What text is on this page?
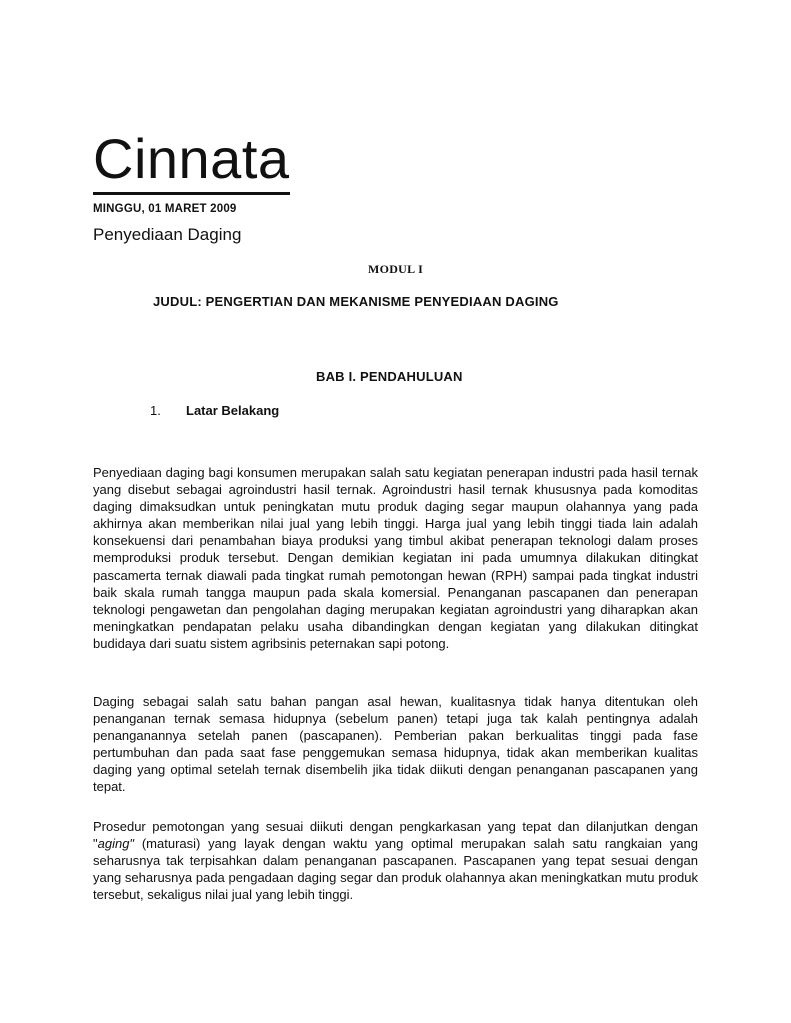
Cinnata
MINGGU, 01 MARET 2009
Penyediaan Daging
MODUL I
JUDUL: PENGERTIAN DAN MEKANISME PENYEDIAAN DAGING
BAB I. PENDAHULUAN
1. Latar Belakang

Penyediaan daging bagi konsumen merupakan salah satu kegiatan penerapan industri pada hasil ternak yang disebut sebagai agroindustri hasil ternak. Agroindustri hasil ternak khususnya pada komoditas daging dimaksudkan untuk peningkatan mutu produk daging segar maupun olahannya yang pada akhirnya akan memberikan nilai jual yang lebih tinggi. Harga jual yang lebih tinggi tiada lain adalah konsekuensi dari penambahan biaya produksi yang timbul akibat penerapan teknologi dalam proses memproduksi produk tersebut. Dengan demikian kegiatan ini pada umumnya dilakukan ditingkat pascamerta ternak diawali pada tingkat rumah pemotongan hewan (RPH) sampai pada tingkat industri baik skala rumah tangga maupun pada skala komersial. Penanganan pascapanen dan penerapan teknologi pengawetan dan pengolahan daging merupakan kegiatan agroindustri yang diharapkan akan meningkatkan pendapatan pelaku usaha dibandingkan dengan kegiatan yang dilakukan ditingkat budidaya dari suatu sistem agribsinis peternakan sapi potong.

Daging sebagai salah satu bahan pangan asal hewan, kualitasnya tidak hanya ditentukan oleh penanganan ternak semasa hidupnya (sebelum panen) tetapi juga tak kalah pentingnya adalah penanganannya setelah panen (pascapanen). Pemberian pakan berkualitas tinggi pada fase pertumbuhan dan pada saat fase penggemukan semasa hidupnya, tidak akan memberikan kualitas daging yang optimal setelah ternak disembelih jika tidak diikuti dengan penanganan pascapanen yang tepat.

Prosedur pemotongan yang sesuai diikuti dengan pengkarkasan yang tepat dan dilanjutkan dengan "aging" (maturasi) yang layak dengan waktu yang optimal merupakan salah satu rangkaian yang seharusnya tak terpisahkan dalam penanganan pascapanen. Pascapanen yang tepat sesuai dengan yang seharusnya pada pengadaan daging segar dan produk olahannya akan meningkatkan mutu produk tersebut, sekaligus nilai jual yang lebih tinggi.
